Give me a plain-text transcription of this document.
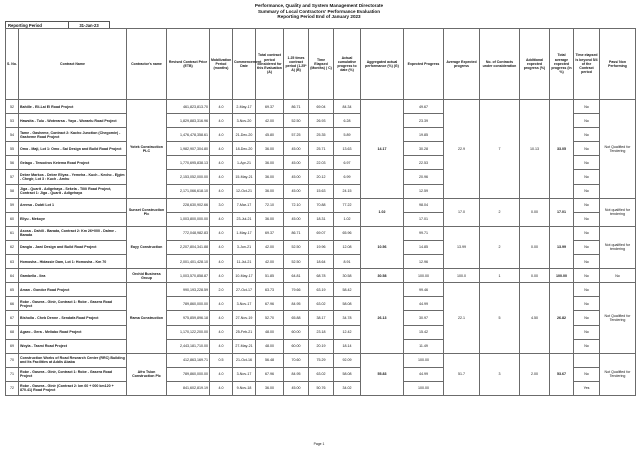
Performance, Quality and System Management Directorate
Summary of Local Contractors' Performance Evaluation
Reporting Period End of January 2023
Reporting Period	31-Jan-23
S. No.	Contract Name	Contractor's name	Revised Contract Price (ETB)	Mobilization Period (months)	Commencement Date	Total contract period considered for this Evaluation (A)	1.25 times contract period (1.25* A) (B)	Time Elapsed (Months) ( C)	Actual cumulative progress to date (%)	Aggregated actual performance (%) (G)	Expected Progress	Average Expected progress	No. of Contracts under consideration	Additional expected progress (%)	Total average expected progress (in %)	Time elapsed is beyond 5/4 of the Contract period	Pass/ Non Performing
52	Bahille - Eli-Lai El Road Project	Yotek Construction PLC	461,823,813.70	4.0	2-May-17	69.37	86.71	69.04	84.34	14.17	49.67	22.9	7	10.13	33.05	No	Not Qualified for Tendering
53	Hawsita - Tulu - Woterarsa - Yaya - Woraelu Road Project		1,829,883,316.96	4.0	3-Nov-20	42.00	52.50	26.93	6.28		23.39					No	
54	Tame - Gasheme, Contract 2: Kacho Junction (Chegomie) - Gasheme Road Project		1,476,478,358.61	4.0	21-Dec-20	45.80	57.25	25.35	5.89		19.85					No	
55	Omo - Maji, Lot 1: Omo - Sai Design and Build Road Project		1,982,907,304.80	4.0	18-Dec-20	36.00	45.00	25.71	13.63		30.28					No	
56	Gelago - Tewodros Ketema Road Project		1,770,695,838.13	4.0	1-Apr-21	36.00	45.00	22.03	6.97		22.53					No	
57	Debre Markos - Debre Eliyas - Yemeha - Kuch - Kecho - Ejgim - Chegir, Lot 3 : Kuch - Amhu		2,153,052,000.00	4.0	15-May-21	36.00	45.00	20.12	6.99		20.96					No	
58	Jiga - Quarit - Adigehaya - Sekela - Tilili Road Project, Contract 1: Jiga - Quarit - Adigehaya		2,171,066,618.10	4.0	12-Oct-21	36.00	45.00	15.63	24.15		12.59					No	
59	Areesa - Dubti Lot 1	Sunset Construction Plc	228,630,902.66	3.0	7-Mar-17	72.10	72.10	70.88	77.22	1.02	98.04	17.0	2	0.00	17.01	No	Not qualified for tendering
60	Ellyu - Mekoye		1,003,800,000.00	4.0	23-Jul-21	36.00	45.00	18.31	1.02		17.01					No	
61	Asosa - Dahili - Barada, Contract 2: Km 26+000 - Dalme - Barada	Eayy Construction	772,048,982.83	4.0	1-May-17	69.37	86.71	69.07	65.96	10.56	99.71	13.99	2	0.00	13.99	No	Not qualified for tendering
62	Dangla - Jawi Design and Build Road Project		2,207,804,341.88	4.0	3-Jun-21	42.00	52.50	19.96	12.08		14.85					No	
63	Homosha - Hidassie Dam, Lot 1: Homosha - Km 70		2,001,401,428.10	4.0	11-Jul-21	42.00	52.50	18.64	8.91		12.96					No	
64	Gambella - Ilea	Orchid Business Group	1,003,570,858.87	4.0	10-May-17	51.85	64.81	68.78	30.58	30.58	100.00	100.0	1	0.00	100.00	No	No
65	Aman - Gondor Road Project	Rama Construction	990,193,228.59	2.0	27-Oct-17	63.73	79.66	63.19	58.42	26.13	99.46	22.1	5	4.50	26.82	No	Not Qualified for Tendering
66	Robe - Gasera - Ginir, Contract 1: Robe - Gasera Road Project		789,860,000.00	4.0	3-Nov-17	67.96	84.95	63.02	58.08		44.99					No	
67	Bisholla - Cheb Denne - Sendafa Road Project		975,859,896.18	4.0	27-Nov-19	52.70	65.88	38.17	34.78		30.97					No	
68	Agaro - Gera - Meliabo Road Project		1,170,122,200.00	4.0	25-Feb-21	48.00	60.00	23.18	12.42		15.42					No	
69	Woyla - Tasmi Road Project		2,443,181,710.00	4.0	27-May-21	48.00	60.00	20.19	18.14		11.49					No	
70	Construction Works of Road Research Center (RRC) Building and Its Facilities at Addis Ababa	Afro Tsion Construction Plc	412,863,169.71	0.5	21-Oct-16	56.48	70.60	75.29	92.09	55.83	100.00	51.7	3	2.00	53.67		Not Qualified for Tendering
71	Robe - Gasera - Ginir, Contract 1: Robe - Gasera Road Project		789,860,000.00	4.0	3-Nov-17	67.96	84.95	63.02	58.08		44.99					No	
72	Robe - Gasera - Ginir (Contract 2: km 60 + 000 km120 + 870.41) Road Project		841,602,819.19	4.0	9-Nov-18	36.00	45.00	50.76	34.02		100.00					Yes	
Page 1
